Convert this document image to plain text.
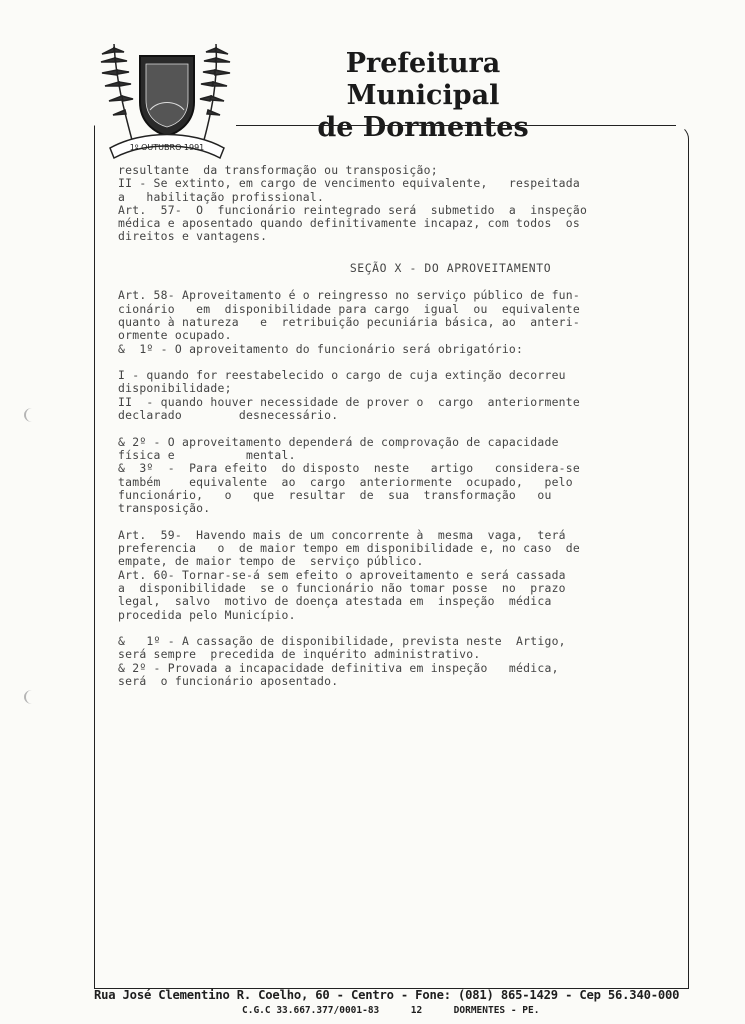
1º OUTUBRO 1991
Prefeitura Municipal
de Dormentes
resultante  da transformação ou transposição;
II - Se extinto, em cargo de vencimento equivalente,   respeitada
a   habilitação profissional.
Art.  57-  O  funcionário reintegrado será  submetido  a  inspeção
médica e aposentado quando definitivamente incapaz, com todos  os
direitos e vantagens.
SEÇÃO X - DO APROVEITAMENTO
Art. 58- Aproveitamento é o reingresso no serviço público de fun-
cionário   em  disponibilidade para cargo  igual  ou  equivalente
quanto à natureza   e  retribuição pecuniária básica, ao  anteri-
ormente ocupado.
&  1º - O aproveitamento do funcionário será obrigatório:
I - quando for reestabelecido o cargo de cuja extinção decorreu
disponibilidade;
II  - quando houver necessidade de prover o  cargo  anteriormente
declarado        desnecessário.
& 2º - O aproveitamento dependerá de comprovação de capacidade
física e          mental.
&  3º  -  Para efeito  do disposto  neste   artigo   considera-se
também    equivalente  ao  cargo  anteriormente  ocupado,   pelo
funcionário,   o   que  resultar  de  sua  transformação   ou
transposição.
Art.  59-  Havendo mais de um concorrente à  mesma  vaga,  terá
preferencia   o  de maior tempo em disponibilidade e, no caso  de
empate, de maior tempo de  serviço público.
Art. 60- Tornar-se-á sem efeito o aproveitamento e será cassada
a  disponibilidade  se o funcionário não tomar posse  no  prazo
legal,  salvo  motivo de doença atestada em  inspeção  médica
procedida pelo Município.
&   1º - A cassação de disponibilidade, prevista neste  Artigo,
será sempre  precedida de inquérito administrativo.
& 2º - Provada a incapacidade definitiva em inspeção   médica,
será  o funcionário aposentado.
Rua José Clementino R. Coelho, 60 - Centro - Fone: (081) 865-1429 - Cep 56.340-000
C.G.C 33.667.377/0001-83	12	DORMENTES - PE.
